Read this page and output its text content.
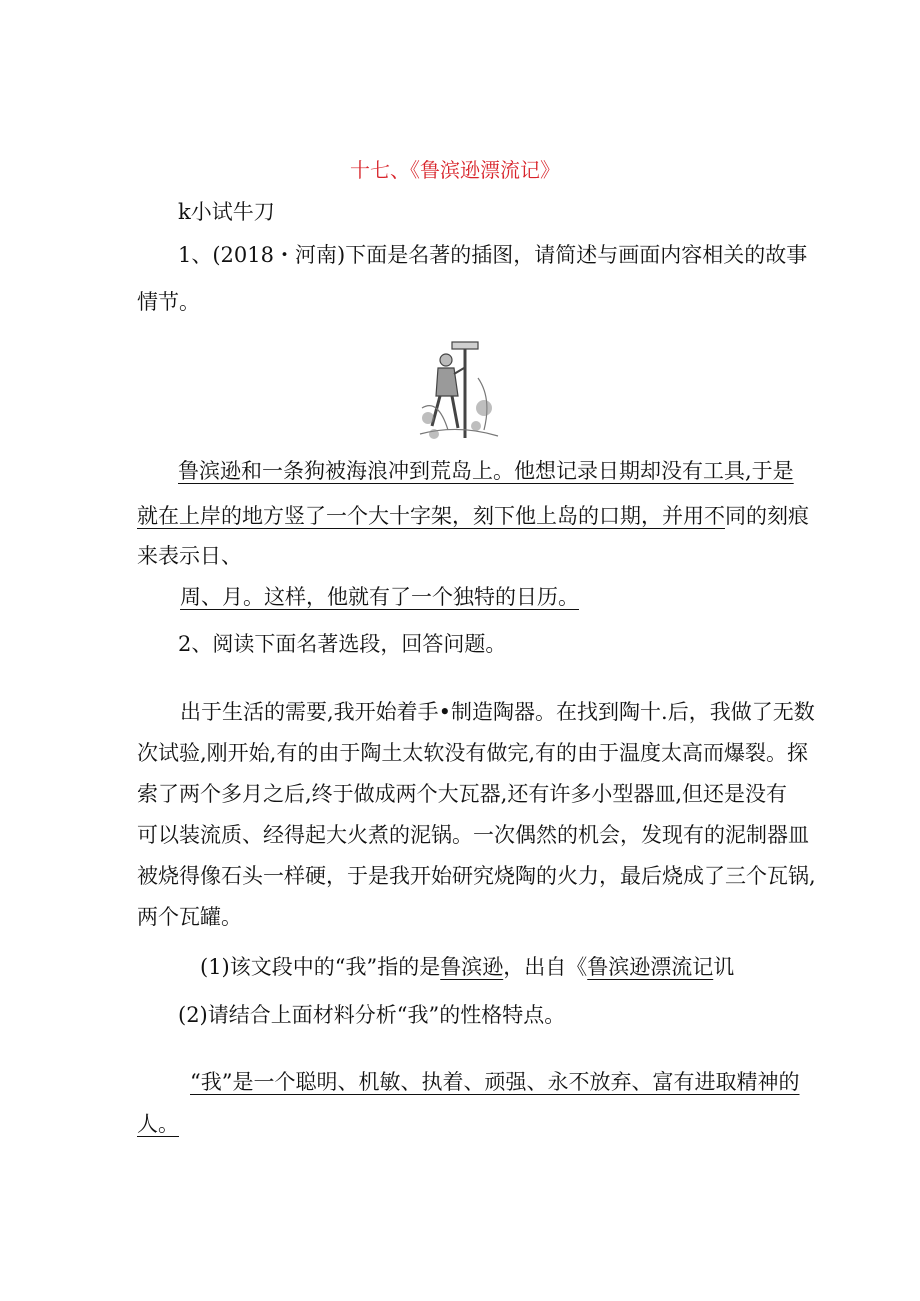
十七、《鲁滨逊漂流记》
k小试牛刀
1、(2018・河南)下面是名著的插图，请简述与画面内容相关的故事
情节。
鲁滨逊和一条狗被海浪冲到荒岛上。他想记录日期却没有工具,于是
就在上岸的地方竖了一个大十字架，刻下他上岛的口期，并用不同的刻痕
来表示日、
周、月。这样，他就有了一个独特的日历。
2、阅读下面名著选段，回答问题。
出于生活的需要,我开始着手•制造陶器。在找到陶十.后，我做了无数
次试验,刚开始,有的由于陶土太软没有做完,有的由于温度太高而爆裂。探
索了两个多月之后,终于做成两个大瓦器,还有许多小型器皿,但还是没有
可以装流质、经得起大火煮的泥锅。一次偶然的机会，发现有的泥制器皿
被烧得像石头一样硬，于是我开始研究烧陶的火力，最后烧成了三个瓦锅,
两个瓦罐。
(1)该文段中的“我”指的是鲁滨逊，出自《鲁滨逊漂流记讥
(2)请结合上面材料分析“我”的性格特点。
“我”是一个聪明、机敏、执着、顽强、永不放弃、富有进取精神的
人。
